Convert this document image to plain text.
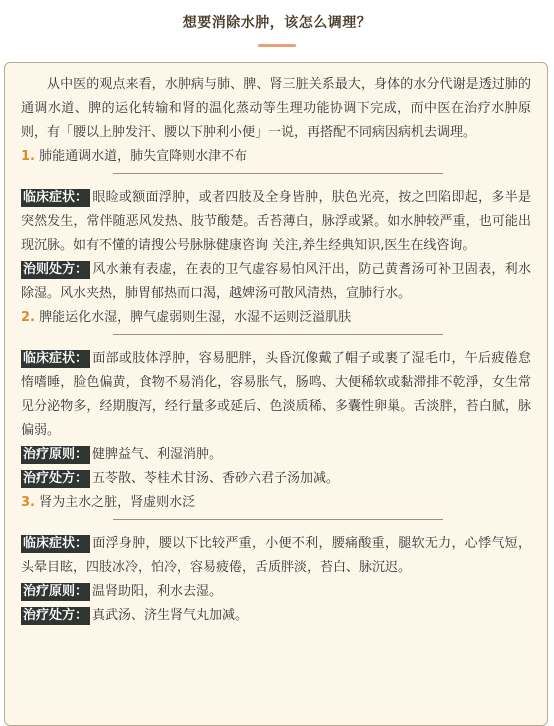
想要消除水肿，该怎么调理？

从中医的观点来看，水肿病与肺、脾、肾三脏关系最大，身体的水分代谢是透过肺的通调水道、脾的运化转输和肾的温化蒸动等生理功能协调下完成，而中医在治疗水肿原则，有「腰以上肿发汗、腰以下肿利小便」一说，再搭配不同病因病机去调理。

1. 肺能通调水道，肺失宣降则水津不布

临床症状： 眼睑或额面浮肿，或者四肢及全身皆肿，肤色光亮，按之凹陷即起，多半是突然发生，常伴随恶风发热、肢节酸楚。舌苔薄白，脉浮或紧。如水肿较严重，也可能出现沉脉。如有不懂的请搜公号脉脉健康咨询 关注,养生经典知识,医生在线咨询。

治则处方： 风水兼有表虚，在表的卫气虚容易怕风汗出，防己黄耆汤可补卫固表，利水除湿。风水夹热，肺胃郁热而口渴，越婢汤可散风清热，宣肺行水。

2. 脾能运化水湿，脾气虚弱则生湿，水湿不运则泛溢肌肤

临床症状： 面部或肢体浮肿，容易肥胖，头昏沉像戴了帽子或裹了湿毛巾，午后疲倦怠惰嗜睡，脸色偏黄，食物不易消化，容易胀气，肠鸣、大便稀软或黏滞排不乾淨，女生常见分泌物多，经期腹泻，经行量多或延后、色淡质稀、多囊性卵巢。舌淡胖，苔白腻，脉偏弱。

治疗原则： 健脾益气、利湿消肿。

治疗处方： 五苓散、苓桂术甘汤、香砂六君子汤加减。

3. 肾为主水之脏，肾虚则水泛

临床症状： 面浮身肿，腰以下比较严重，小便不利，腰痛酸重，腿软无力，心悸气短，头晕目眩，四肢冰冷，怕冷，容易疲倦，舌质胖淡，苔白、脉沉迟。

治疗原则： 温肾助阳，利水去湿。

治疗处方： 真武汤、济生肾气丸加减。
